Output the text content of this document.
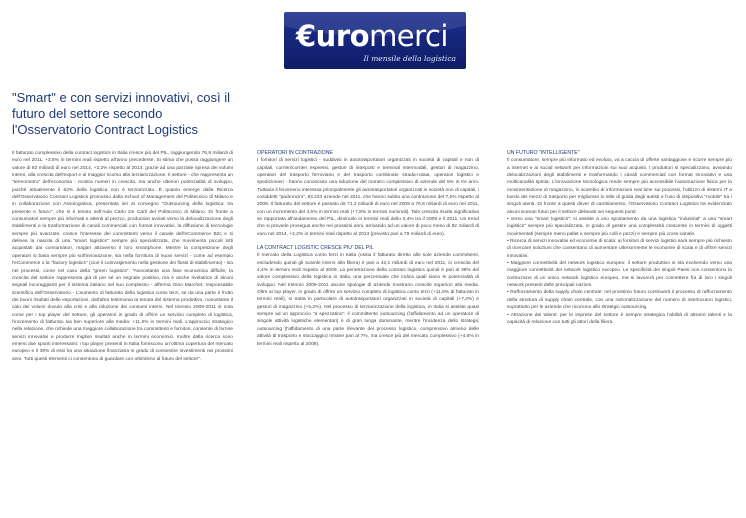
€uromerci
Il mensile della logistica
"Smart" e con servizi innovativi, così il futuro del settore secondo l'Osservatorio Contract Logistics

Il fatturato complessivo della contract logistics in Italia cresce più del PIL, raggiungendo 76,8 miliardi di euro nel 2011, +3,5% in termini reali rispetto all'anno precedente. Si stima che possa raggiungere un valore di 82 miliardi di euro nel 2014, +2,2% rispetto al 2013, grazie ad una parziale ripresa dei volumi interni, alla crescita dell'export e al maggior ricorso alla terziarizzazione. Il settore - che rappresenta un "termometro" dell'economia - mostra numeri in crescita, ma anche ulteriori potenzialità di sviluppo, poiché attualmente il 62% della logistica non è terziarizzato. È quanto emerge dalla Ricerca dell'Osservatorio Contract Logistics promosso dalla School of Management del Politecnico di Milano e in collaborazione con Assologistica, presentata ieri al convegno "Outsourcing della logistica: tra presente e futuro", che si è tenuto nell'Aula Carlo De Carli del Politecnico di Milano. Di fronte a consumatori sempre più informati e attenti al prezzo, production avviati verso la delocalizzazione degli stabilimenti e la trasformazione di canali commerciali con format innovativi, la diffusione di tecnologie sempre più avanzate, cresce l'interesse dei committenti verso il canale dell'eCommerce B2c e si delinea la nascita di una "smart logistics" sempre più specializzata, che movimenta piccoli lotti acquistati dai consumatori, magari attraverso il loro smartphone. Mentre la competizione degli operatori si basa sempre più sull'innovazione, sia nella fornitura di nuovi servizi - come ad esempio l'eCommerce o la "factory logistics" (cioè il coinvolgimento nella gestione dei flussi di stabilimento) - sia nei processi, come nel caso della "green logistics". "Nonostante una fase economica difficile, la crescita del settore rappresenta già di per sé un segnale positivo, ma è anche rivelatrice di alcuni segnali incoraggianti per il sistema italiano nel suo complesso - afferma Gino Marchet, responsabile scientifico dell'Osservatorio - L'aumento di fatturato della logistica conto terzi, se da una parte è frutto dei buoni risultati delle esportazioni, dall'altra testimonia la tenuta del sistema produttivo, nonostante il calo dei volumi dovuto alla crisi e alla riduzione dei consumi interni. Nel triennio 2009-2011 si nota come per i top player del settore, gli operatori in grado di offrire un servizio completo di logistica, l'incremento di fatturato sia ben superiore alla media: +11,6% in termini reali. L'approccio strategico nella relazione, che richiede una maggiore collaborazione tra committenti e fornitori, consente di fornire servizi innovativi e produrre migliori risultati anche in termini economici. Inoltre dalla ricerca sono emersi due spunti interessanti: i top player presenti in Italia forniscono un'ottima copertura del mercato europeo e il 39% di essi ha una situazione finanziaria in grado di consentire investimenti nei prossimi anni. Tutti questi elementi ci consentono di guardare con ottimismo al futuro del settore".

OPERATORI IN CONTRAZIONE

I fornitori di servizi logistici - suddivisi in autotrasportatori organizzati in società di capitali e non di capitali, corrieri/corrieri espressi, gestori di interporti e terminal intermodali, gestori di magazzino, operatori del trasporto ferroviario e del trasporto combinato strada-rotaia, operatori logistici e spedizionieri - hanno conosciuto una riduzione del numero complessivo di aziende del 5% in tre anni. Tuttavia il fenomeno interessa principalmente gli autotrasportatori organizzati in società non di capitali, i cosiddetti "padroncini", 83.223 aziende nel 2011, che hanno subito una contrazione del 7,5% rispetto al 2009. Il fatturato del settore è passato da 71,2 miliardi di euro nel 2009 a 76,8 miliardi di euro nel 2011, con un incremento del 3,5% in termini reali (+7,8% in termini nominali). Tale crescita risulta significativa se rapportata all'andamento del PIL, diminuito in termini reali dello 0,4% tra il 2009 e il 2011. Un trend che si prevede prosegua anche nei prossimi anni, arrivando ad un valore di poco meno di 82 miliardi di euro nel 2014, +2,2% in termini reali rispetto al 2013 (previsto pari a 79 miliardi di euro).

LA CONTRACT LOGISTIC CRESCE PIU' DEL PIL

Il mercato della Logistica conto terzi in Italia (ossia il fatturato diretto alle sole aziende committenti, escludendo quindi gli scambi interni alla filiera) è pari a 42,1 miliardi di euro nel 2011, in crescita del 4,4% in termini reali rispetto al 2009. La penetrazione della contract logistics quindi è pari al 38% del valore complessivo della logistica in Italia, una percentuale che indica quali siano le potenzialità di sviluppo. Nel triennio 2009-2011 alcune tipologie di aziende mostrano crescite superiori alla media. Oltre ai top player, in grado di offrire un servizio completo di logistica conto terzi (+11,6% di fatturato in termini reali), si tratta in particolare di autotrasportatori organizzati in società di capitali (+7,2%) e gestori di magazzino (+5,2%). Nel processo di terziarizzazione della logistica, in Italia si assiste quasi sempre ad un approccio "a spezzatino": il committente outsourcing (l'affidamento ad un operatore di singole attività logistiche elementari) è di gran lunga dominante, mentre l'incidenza dello strategic outsourcing (l'affidamento di una parte rilevante del processo logistico, comprensivo almeno delle attività di trasporto e stoccaggio) rimane pari al 7%, ma cresce più del mercato complessivo (+4,6% in termini reali rispetto al 2009).

UN FUTURO "INTELLIGENTE"

Il consumatore, sempre più informato ed evoluto, va a caccia di offerte vantaggiose e ricorre sempre più a internet e ai social network per informazioni sui suoi acquisti. I produttori si specializzano, avviando delocalizzazioni degli stabilimenti e trasformando i canali commerciali con format innovativi e una multicanalità spinta. L'innovazione tecnologica rende sempre più accessibile l'automazione fisica per la movimentazione di magazzino, lo scambio di informazioni real time sui processi, l'utilizzo di sistemi IT a bordo dei mezzi di trasporto per migliorare lo stile di guida degli autisti e l'uso di dispositivi "mobile" tra i singoli utenti. Di fronte a questi driver di cambiamento, l'Osservatorio Contract Logistics ha evidenziato alcuni scenari futuri per il settore delineati nei seguenti punti:

• verso una "smart logistics": si assiste a uno spostamento da una logistica "industrial" a una "smart logistics" sempre più specializzata, in grado di gestire una complessità crescente in termini di oggetti movimentati (sempre meno pallet e sempre più colli e pezzi) e sempre più cross-canale.

• Ricerca di servizi innovativi ed economie di scala: ai fornitori di servizi logistici sarà sempre più richiesto di ricercare soluzioni che consentano di aumentare ulteriormente le economie di scala e di offrire servizi innovativi.

• Maggiore connettività del network logistico europeo: il settore produttivo si sta evolvendo verso una maggiore connettività del network logistico europeo. Le specificità dei singoli Paesi non consentono la costruzione di un unico network logistico europeo, ma si lavorerà per connettere fra di loro i singoli network presenti delle principali nazioni.

• Rafforzamento della supply chain centrale: nel prossimo futuro continuerà il processo di rafforzamento della struttura di supply chain centrale, con una razionalizzazione del numero di interlocutori logistici, soprattutto per le aziende che ricorrono allo strategic outsourcing.

• Attrazione dei talenti: per le imprese del settore è sempre strategica l'abilità di attrarre talenti e la capacità di relazione con tutti gli attori della filiera.
